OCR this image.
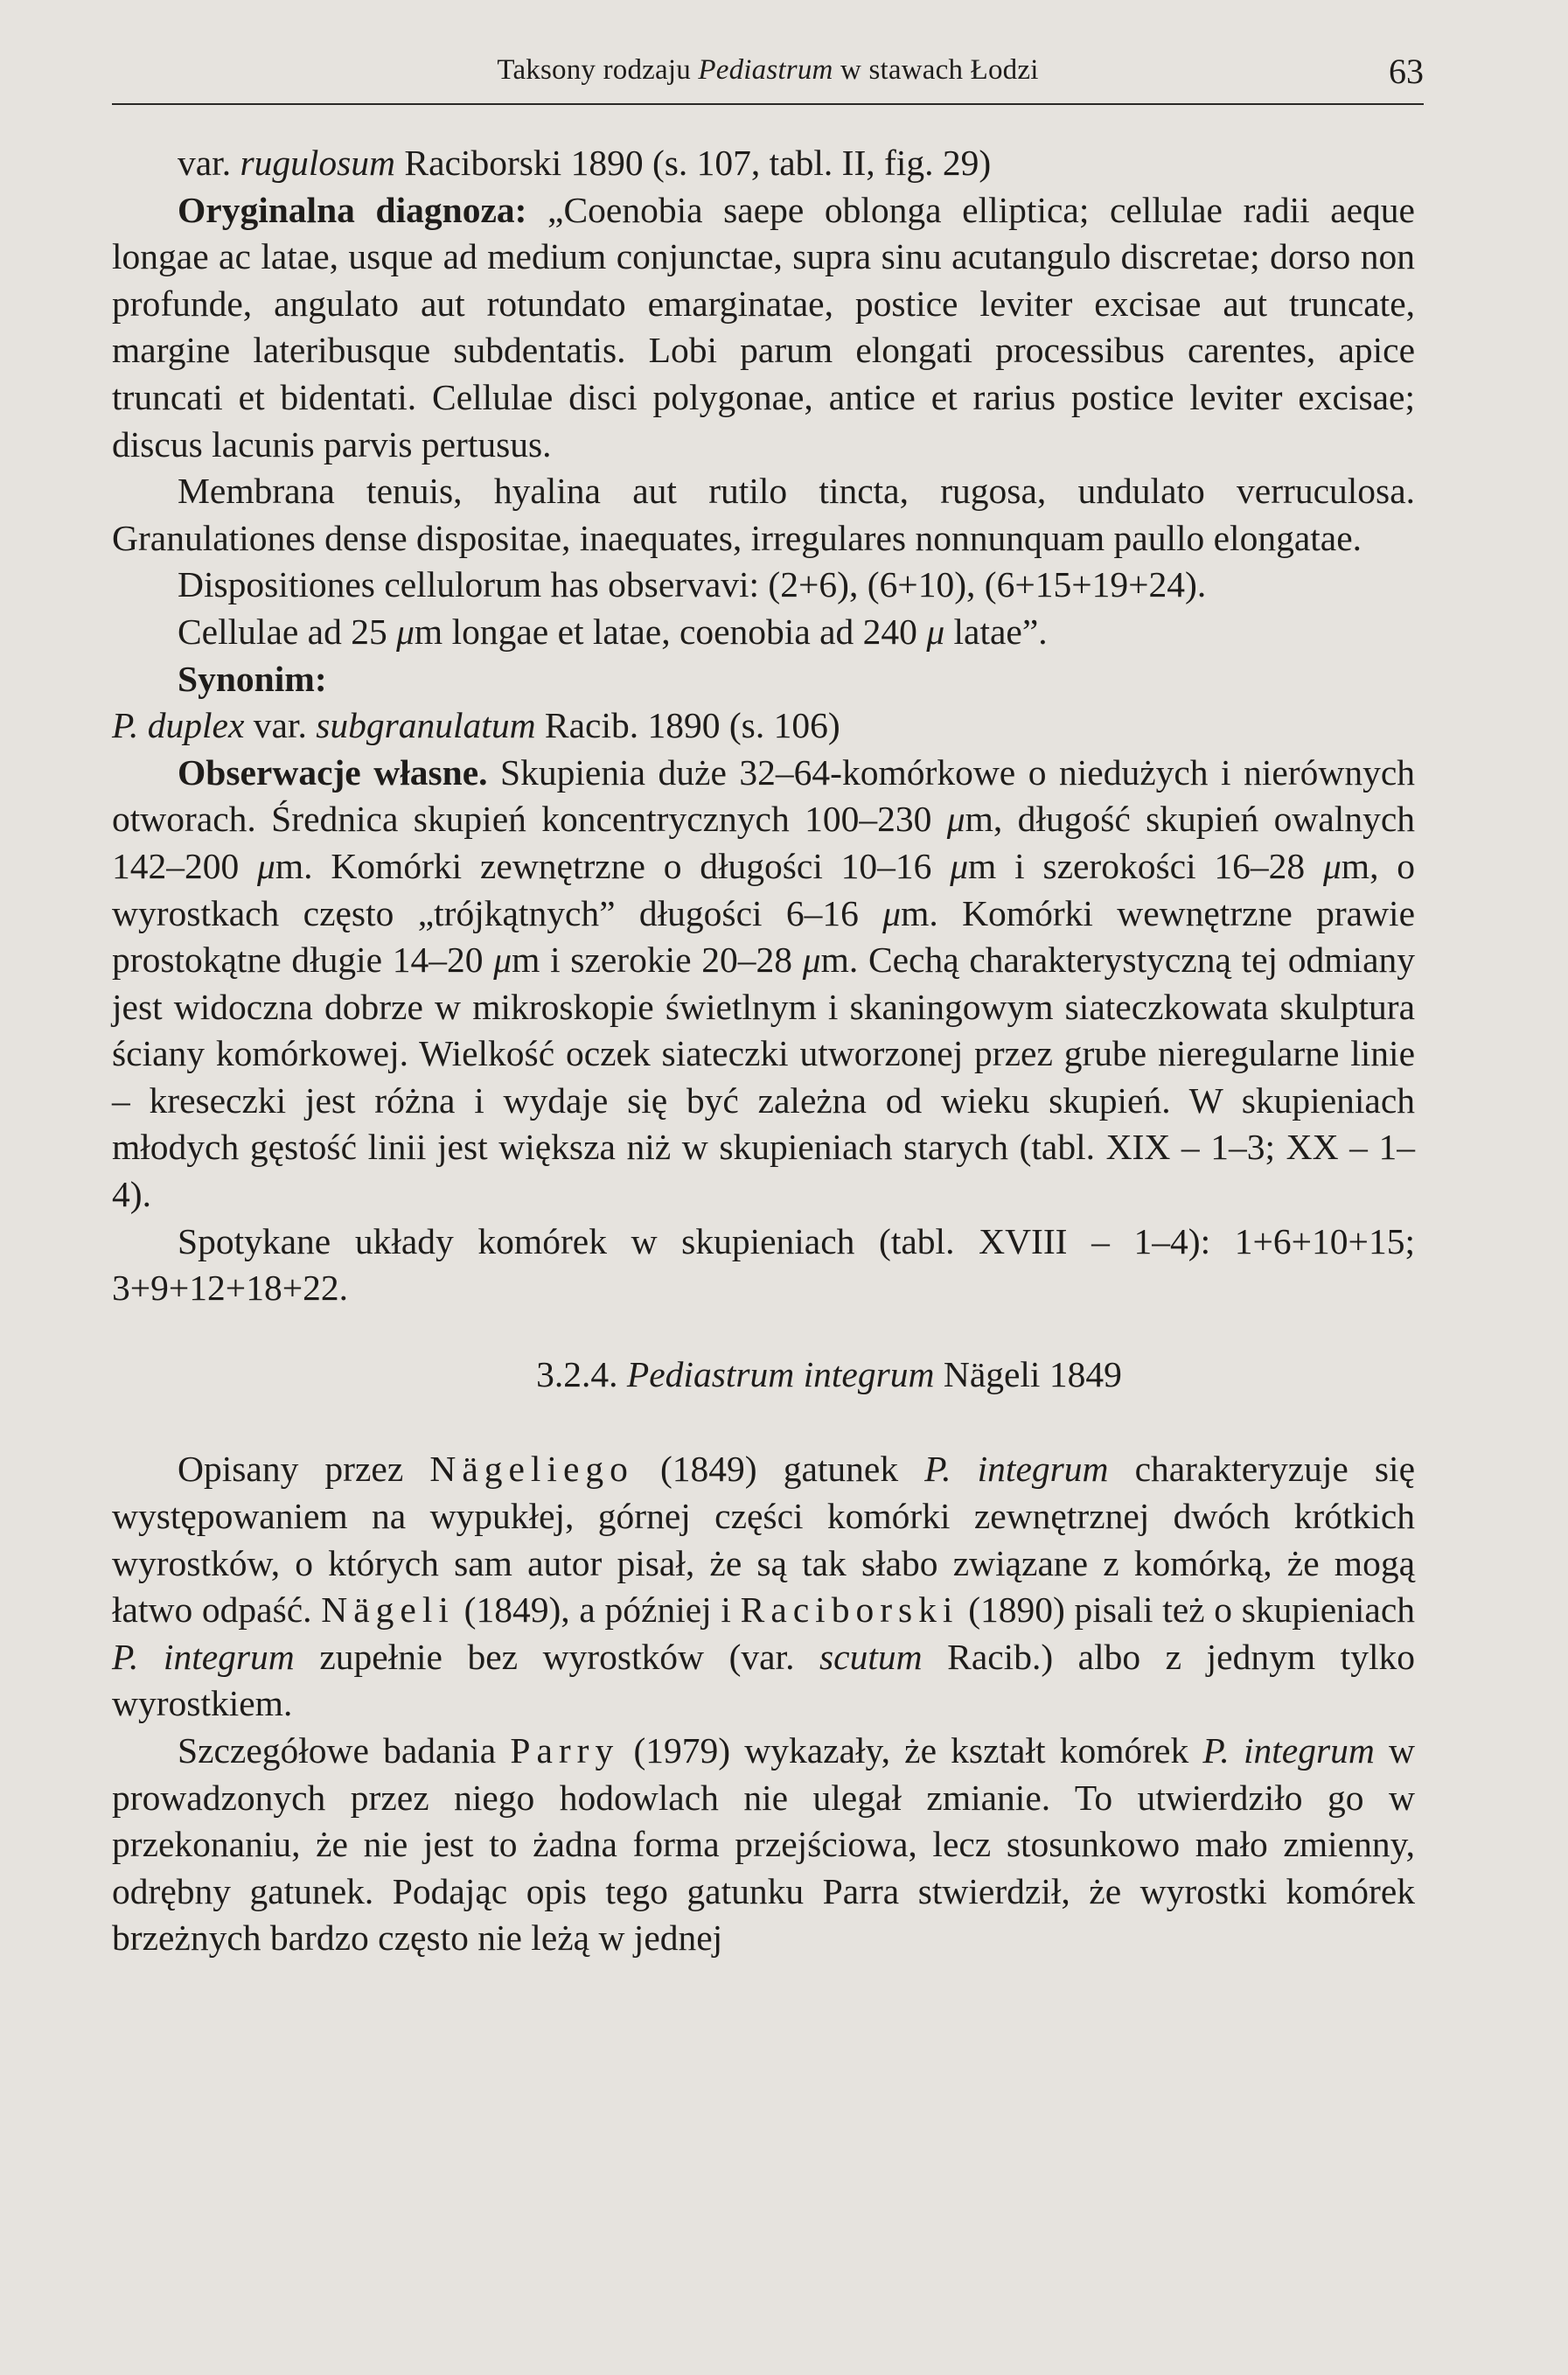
Taksony rodzaju Pediastrum w stawach Łodzi	63

var. rugulosum Raciborski 1890 (s. 107, tabl. II, fig. 29)

Oryginalna diagnoza: „Coenobia saepe oblonga elliptica; cellulae radii aeque longae ac latae, usque ad medium conjunctae, supra sinu acutangulo discretae; dorso non profunde, angulato aut rotundato emarginatae, postice leviter excisae aut truncate, margine lateribusque subdentatis. Lobi parum elongati processibus carentes, apice truncati et bidentati. Cellulae disci polygonae, antice et rarius postice leviter excisae; discus lacunis parvis pertusus.

Membrana tenuis, hyalina aut rutilo tincta, rugosa, undulato verruculosa. Granulationes dense dispositae, inaequates, irregulares nonnunquam paullo elongatae.

Dispositiones cellulorum has observavi: (2+6), (6+10), (6+15+19+24).

Cellulae ad 25 μm longae et latae, coenobia ad 240 μ latae”.

Synonim:

P. duplex var. subgranulatum Racib. 1890 (s. 106)

Obserwacje własne. Skupienia duże 32–64-komórkowe o niedużych i nierównych otworach. Średnica skupień koncentrycznych 100–230 μm, długość skupień owalnych 142–200 μm. Komórki zewnętrzne o długości 10–16 μm i szerokości 16–28 μm, o wyrostkach często „trójkątnych” długości 6–16 μm. Komórki wewnętrzne prawie prostokątne długie 14–20 μm i szerokie 20–28 μm. Cechą charakterystyczną tej odmiany jest widoczna dobrze w mikroskopie świetlnym i skaningowym siateczkowata skulptura ściany komórkowej. Wielkość oczek siateczki utworzonej przez grube nieregularne linie – kreseczki jest różna i wydaje się być zależna od wieku skupień. W skupieniach młodych gęstość linii jest większa niż w skupieniach starych (tabl. XIX – 1–3; XX – 1–4).

Spotykane układy komórek w skupieniach (tabl. XVIII – 1–4): 1+6+10+15; 3+9+12+18+22.

3.2.4. Pediastrum integrum Nägeli 1849

Opisany przez Nägeliego (1849) gatunek P. integrum charakteryzuje się występowaniem na wypukłej, górnej części komórki zewnętrznej dwóch krótkich wyrostków, o których sam autor pisał, że są tak słabo związane z komórką, że mogą łatwo odpaść. Nägeli (1849), a później i Raciborski (1890) pisali też o skupieniach P. integrum zupełnie bez wyrostków (var. scutum Racib.) albo z jednym tylko wyrostkiem.

Szczegółowe badania Parry (1979) wykazały, że kształt komórek P. integrum w prowadzonych przez niego hodowlach nie ulegał zmianie. To utwierdziło go w przekonaniu, że nie jest to żadna forma przejściowa, lecz stosunkowo mało zmienny, odrębny gatunek. Podając opis tego gatunku Parra stwierdził, że wyrostki komórek brzeżnych bardzo często nie leżą w jednej
